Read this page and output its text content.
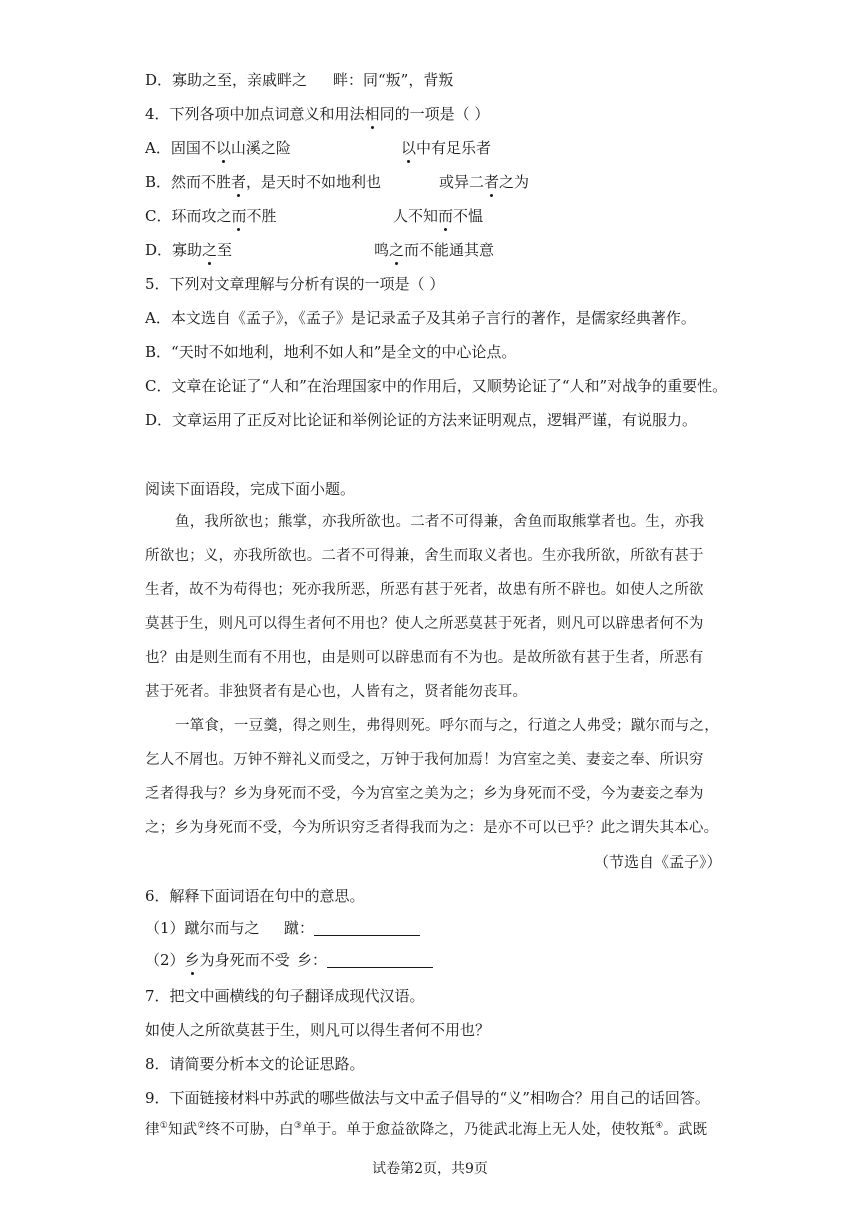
D．寡助之至，亲戚畔之 畔：同“叛”，背叛
4．下列各项中加点词意义和用法相同的一项是（ ）
A．固国不以山溪之险	以中有足乐者
B．然而不胜者，是天时不如地利也	或异二者之为
C．环而攻之而不胜	人不知而不愠
D．寡助之至	鸣之而不能通其意
5．下列对文章理解与分析有误的一项是（ ）
A．本文选自《孟子》，《孟子》是记录孟子及其弟子言行的著作，是儒家经典著作。
B．“天时不如地利，地利不如人和”是全文的中心论点。
C．文章在论证了“人和”在治理国家中的作用后，又顺势论证了“人和”对战争的重要性。
D．文章运用了正反对比论证和举例论证的方法来证明观点，逻辑严谨，有说服力。
阅读下面语段，完成下面小题。
鱼，我所欲也；熊掌，亦我所欲也。二者不可得兼，舍鱼而取熊掌者也。生，亦我
所欲也；义，亦我所欲也。二者不可得兼，舍生而取义者也。生亦我所欲，所欲有甚于
生者，故不为苟得也；死亦我所恶，所恶有甚于死者，故患有所不辟也。如使人之所欲
莫甚于生，则凡可以得生者何不用也？使人之所恶莫甚于死者，则凡可以辟患者何不为
也？由是则生而有不用也，由是则可以辟患而有不为也。是故所欲有甚于生者，所恶有
甚于死者。非独贤者有是心也，人皆有之，贤者能勿丧耳。
一箪食，一豆羹，得之则生，弗得则死。呼尔而与之，行道之人弗受；蹴尔而与之，
乞人不屑也。万钟不辩礼义而受之，万钟于我何加焉！为宫室之美、妻妾之奉、所识穷
乏者得我与？乡为身死而不受，今为宫室之美为之；乡为身死而不受，今为妻妾之奉为
之；乡为身死而不受，今为所识穷乏者得我而为之：是亦不可以已乎？此之谓失其本心。
（节选自《孟子》）
6．解释下面词语在句中的意思。
（1）蹴尔而与之 蹴：
（2）乡为身死而不受 乡：
7．把文中画横线的句子翻译成现代汉语。
如使人之所欲莫甚于生，则凡可以得生者何不用也？
8．请简要分析本文的论证思路。
9．下面链接材料中苏武的哪些做法与文中孟子倡导的“义”相吻合？用自己的话回答。
律①知武②终不可胁，白③单于。单于愈益欲降之，乃徙武北海上无人处，使牧羝④。武既
试卷第2页，共9页
